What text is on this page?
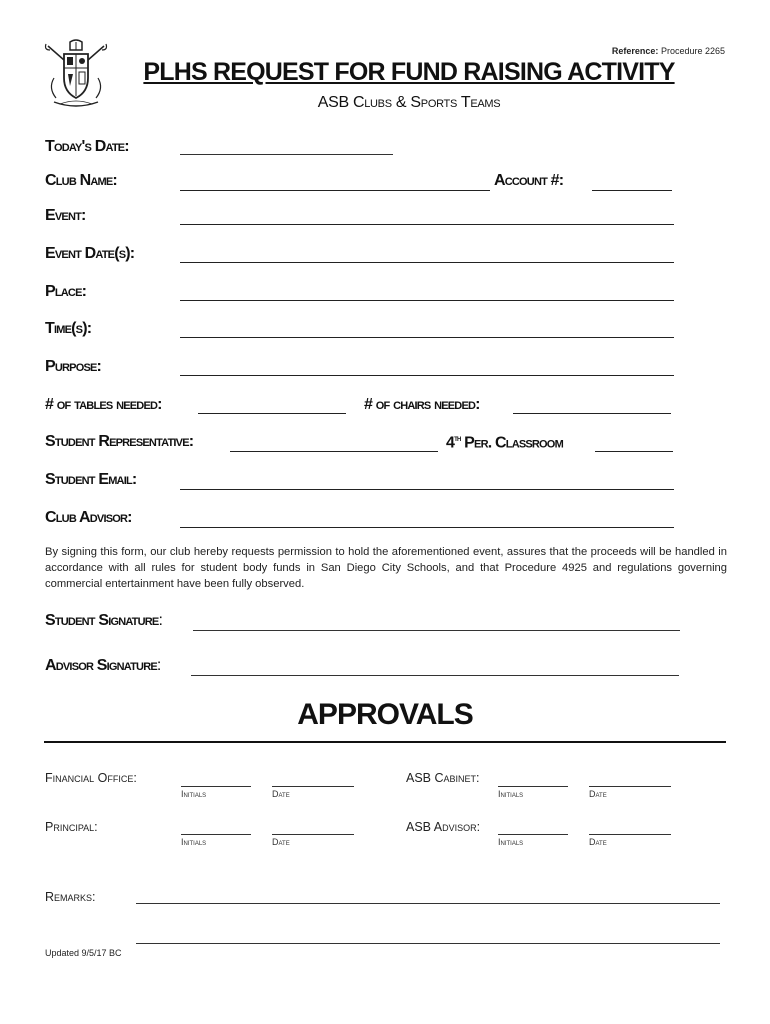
Reference: Procedure 2265
PLHS REQUEST FOR FUND RAISING ACTIVITY
ASB Clubs & Sports Teams
Today's Date:
Club Name:	Account #:
Event:
Event Date(s):
Place:
Time(s):
Purpose:
# of tables needed:	# of chairs needed:
Student Representative:	4th Per. Classroom
Student Email:
Club Advisor:
By signing this form, our club hereby requests permission to hold the aforementioned event, assures that the proceeds will be handled in accordance with all rules for student body funds in San Diego City Schools, and that Procedure 4925 and regulations governing commercial entertainment have been fully observed.
Student Signature:
Advisor Signature:
APPROVALS
Financial Office:
Initials	Date
ASB Cabinet:
Initials	Date
Principal:
Initials	Date
ASB Advisor:
Initials	Date
Remarks:
Updated 9/5/17 BC
